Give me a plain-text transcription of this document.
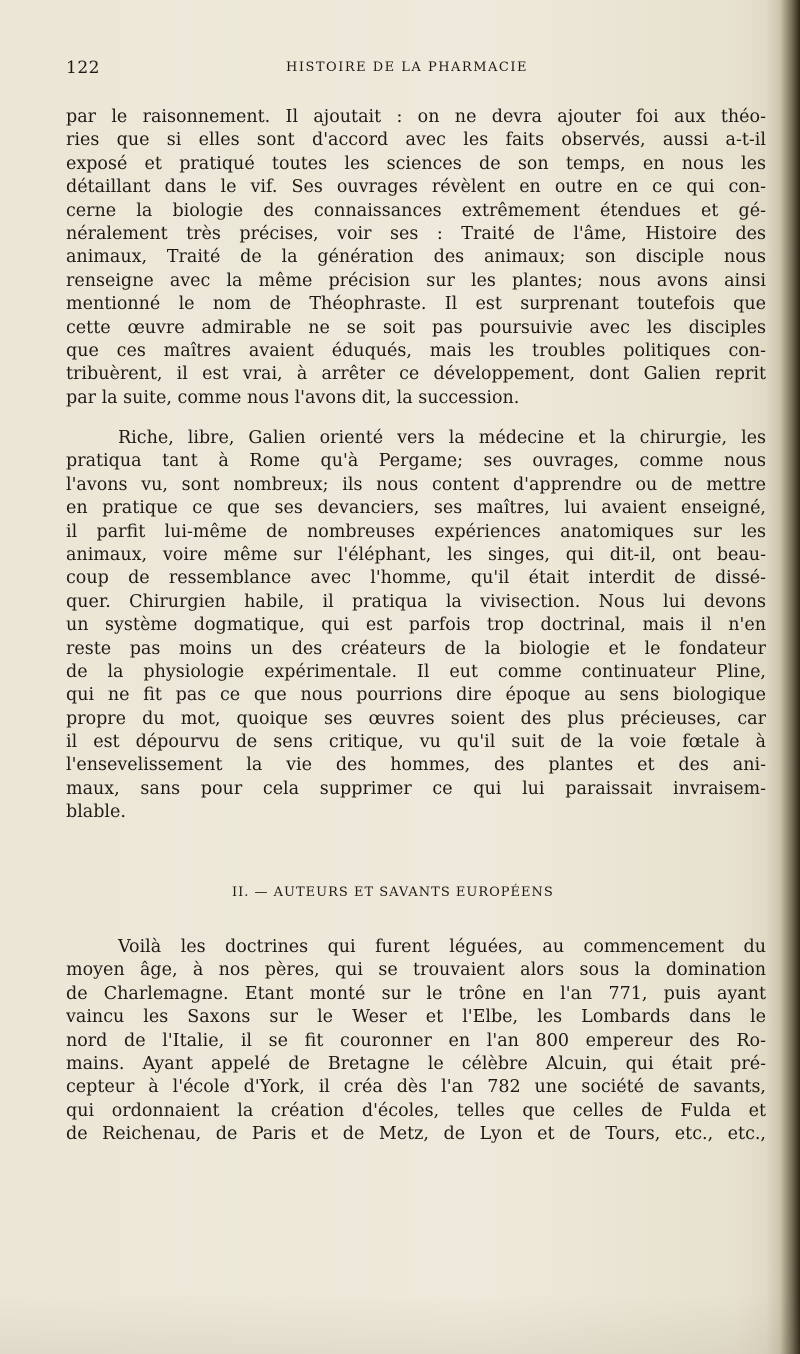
122	HISTOIRE DE LA PHARMACIE
par le raisonnement. Il ajoutait : on ne devra ajouter foi aux théo-
ries que si elles sont d'accord avec les faits observés, aussi a-t-il
exposé et pratiqué toutes les sciences de son temps, en nous les
détaillant dans le vif. Ses ouvrages révèlent en outre en ce qui con-
cerne la biologie des connaissances extrêmement étendues et gé-
néralement très précises, voir ses : Traité de l'âme, Histoire des
animaux, Traité de la génération des animaux; son disciple nous
renseigne avec la même précision sur les plantes; nous avons ainsi
mentionné le nom de Théophraste. Il est surprenant toutefois que
cette œuvre admirable ne se soit pas poursuivie avec les disciples
que ces maîtres avaient éduqués, mais les troubles politiques con-
tribuèrent, il est vrai, à arrêter ce développement, dont Galien reprit
par la suite, comme nous l'avons dit, la succession.
Riche, libre, Galien orienté vers la médecine et la chirurgie, les
pratiqua tant à Rome qu'à Pergame; ses ouvrages, comme nous
l'avons vu, sont nombreux; ils nous content d'apprendre ou de mettre
en pratique ce que ses devanciers, ses maîtres, lui avaient enseigné,
il parfit lui-même de nombreuses expériences anatomiques sur les
animaux, voire même sur l'éléphant, les singes, qui dit-il, ont beau-
coup de ressemblance avec l'homme, qu'il était interdit de dissé-
quer. Chirurgien habile, il pratiqua la vivisection. Nous lui devons
un système dogmatique, qui est parfois trop doctrinal, mais il n'en
reste pas moins un des créateurs de la biologie et le fondateur
de la physiologie expérimentale. Il eut comme continuateur Pline,
qui ne fit pas ce que nous pourrions dire époque au sens biologique
propre du mot, quoique ses œuvres soient des plus précieuses, car
il est dépourvu de sens critique, vu qu'il suit de la voie fœtale à
l'ensevelissement la vie des hommes, des plantes et des ani-
maux, sans pour cela supprimer ce qui lui paraissait invraisem-
blable.
II. — AUTEURS ET SAVANTS EUROPÉENS
Voilà les doctrines qui furent léguées, au commencement du
moyen âge, à nos pères, qui se trouvaient alors sous la domination
de Charlemagne. Etant monté sur le trône en l'an 771, puis ayant
vaincu les Saxons sur le Weser et l'Elbe, les Lombards dans le
nord de l'Italie, il se fit couronner en l'an 800 empereur des Ro-
mains. Ayant appelé de Bretagne le célèbre Alcuin, qui était pré-
cepteur à l'école d'York, il créa dès l'an 782 une société de savants,
qui ordonnaient la création d'écoles, telles que celles de Fulda et
de Reichenau, de Paris et de Metz, de Lyon et de Tours, etc., etc.,
